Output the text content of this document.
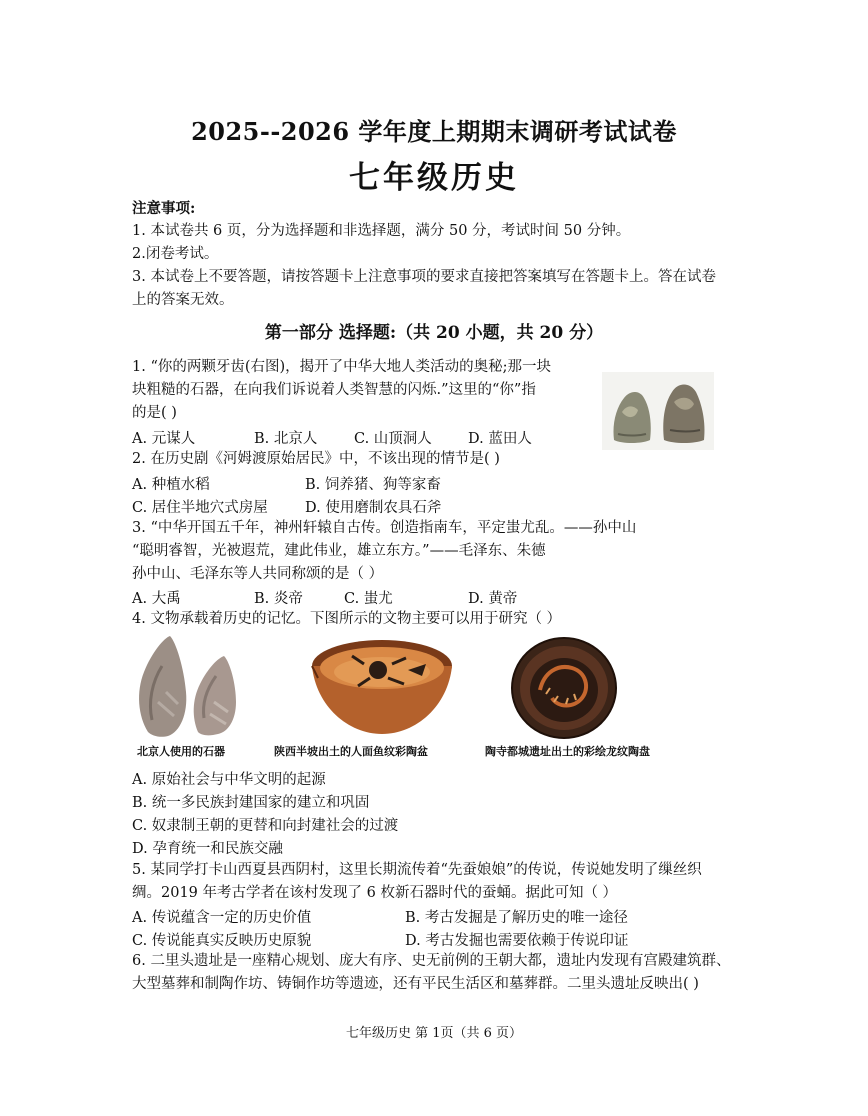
2025--2026 学年度上期期末调研考试试卷
七年级历史
注意事项:
1. 本试卷共 6 页，分为选择题和非选择题，满分 50 分，考试时间 50 分钟。
2.闭卷考试。
3. 本试卷上不要答题，请按答题卡上注意事项的要求直接把答案填写在答题卡上。答在试卷
上的答案无效。
第一部分 选择题:（共 20 小题，共 20 分）
1. “你的两颗牙齿(右图)，揭开了中华大地人类活动的奥秘;那一块
块粗糙的石器，在向我们诉说着人类智慧的闪烁.”这里的“你”指
的是( )
A. 元谋人	B. 北京人	C. 山顶洞人 D. 蓝田人
2. 在历史剧《河姆渡原始居民》中，不该出现的情节是( )
A. 种植水稻	B. 饲养猪、狗等家畜
C. 居住半地穴式房屋	D. 使用磨制农具石斧
3. “中华开国五千年，神州轩辕自古传。创造指南车，平定蚩尤乱。——孙中山
“聪明睿智，光被遐荒，建此伟业，雄立东方。”——毛泽东、朱德
孙中山、毛泽东等人共同称颂的是（ ）
A. 大禹	B. 炎帝	C. 蚩尤	D. 黄帝
4. 文物承载着历史的记忆。下图所示的文物主要可以用于研究（ ）
北京人使用的石器	陕西半坡出土的人面鱼纹彩陶盆	陶寺都城遗址出土的彩绘龙纹陶盘
A. 原始社会与中华文明的起源
B. 统一多民族封建国家的建立和巩固
C. 奴隶制王朝的更替和向封建社会的过渡
D. 孕育统一和民族交融
5. 某同学打卡山西夏县西阴村，这里长期流传着“先蚕娘娘”的传说，传说她发明了缫丝织
绸。2019 年考古学者在该村发现了 6 枚新石器时代的蚕蛹。据此可知（ ）
A. 传说蕴含一定的历史价值	B. 考古发掘是了解历史的唯一途径
C. 传说能真实反映历史原貌	D. 考古发掘也需要依赖于传说印证
6. 二里头遗址是一座精心规划、庞大有序、史无前例的王朝大都，遗址内发现有宫殿建筑群、
大型墓葬和制陶作坊、铸铜作坊等遗迹，还有平民生活区和墓葬群。二里头遗址反映出( )
七年级历史 第 1页（共 6 页）
